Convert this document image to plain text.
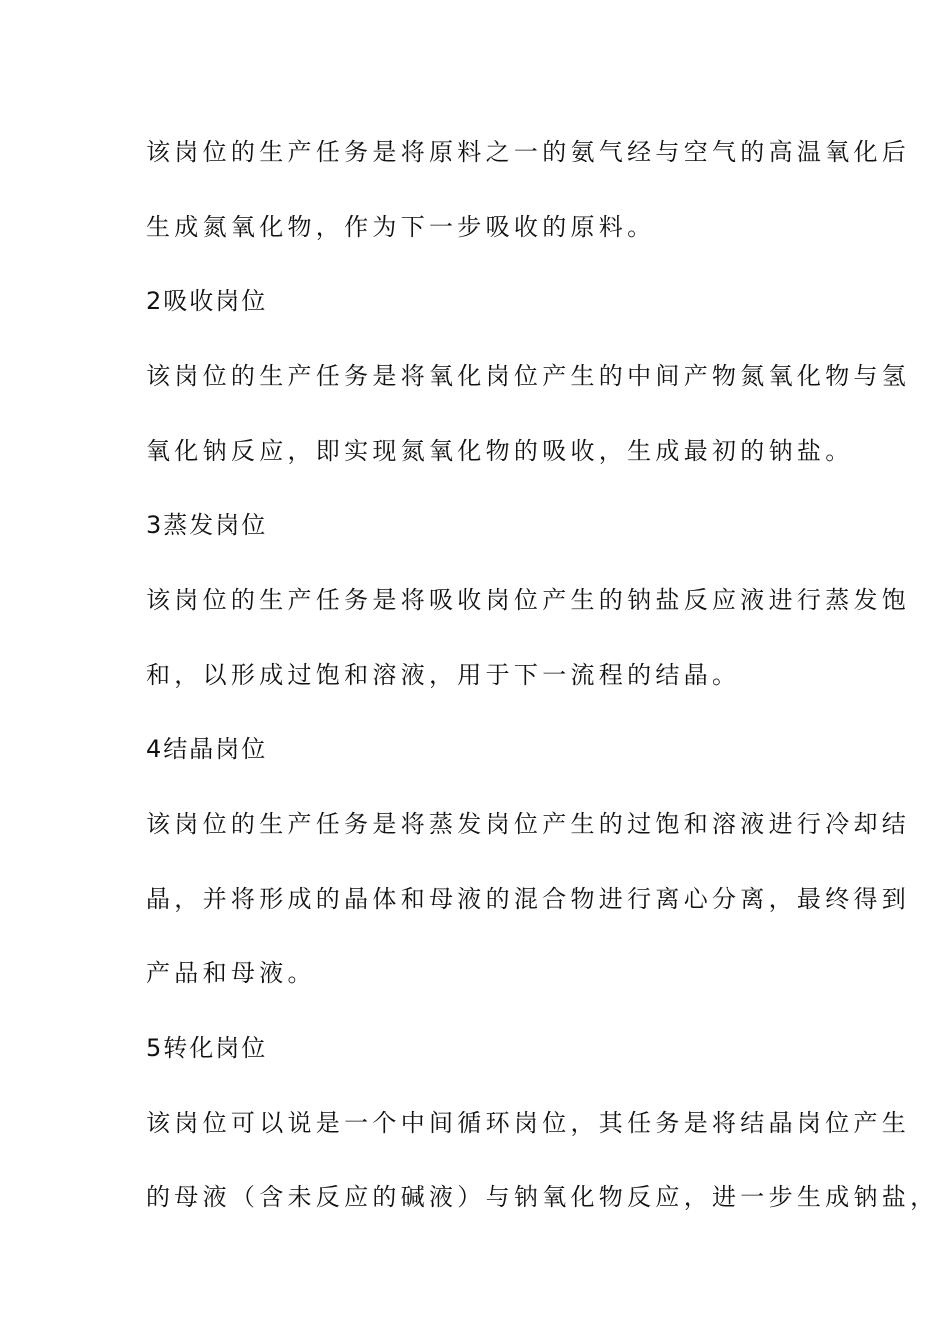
该岗位的生产任务是将原料之一的氨气经与空气的高温氧化后
生成氮氧化物，作为下一步吸收的原料。
2吸收岗位
该岗位的生产任务是将氧化岗位产生的中间产物氮氧化物与氢
氧化钠反应，即实现氮氧化物的吸收，生成最初的钠盐。
3蒸发岗位
该岗位的生产任务是将吸收岗位产生的钠盐反应液进行蒸发饱
和，以形成过饱和溶液，用于下一流程的结晶。
4结晶岗位
该岗位的生产任务是将蒸发岗位产生的过饱和溶液进行冷却结
晶，并将形成的晶体和母液的混合物进行离心分离，最终得到
产品和母液。
5转化岗位
该岗位可以说是一个中间循环岗位，其任务是将结晶岗位产生
的母液（含未反应的碱液）与钠氧化物反应，进一步生成钠盐，
